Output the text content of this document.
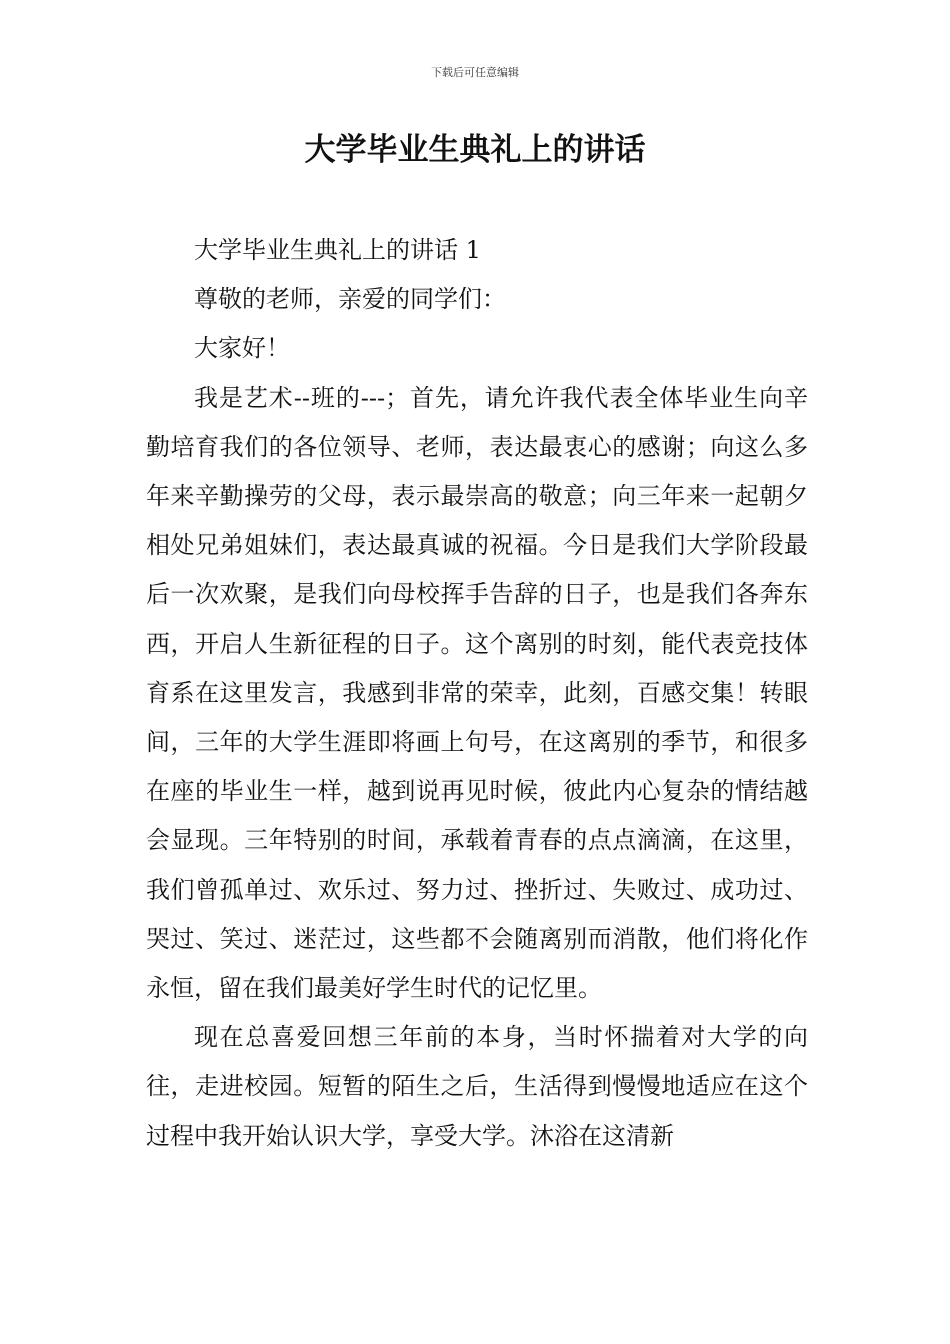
下载后可任意编辑
大学毕业生典礼上的讲话

大学毕业生典礼上的讲话 1

尊敬的老师，亲爱的同学们：

大家好！

我是艺术--班的---；首先，请允许我代表全体毕业生向辛勤培育我们的各位领导、老师，表达最衷心的感谢；向这么多年来辛勤操劳的父母，表示最崇高的敬意；向三年来一起朝夕相处兄弟姐妹们，表达最真诚的祝福。今日是我们大学阶段最后一次欢聚，是我们向母校挥手告辞的日子，也是我们各奔东西，开启人生新征程的日子。这个离别的时刻，能代表竞技体育系在这里发言，我感到非常的荣幸，此刻，百感交集！转眼间，三年的大学生涯即将画上句号，在这离别的季节，和很多在座的毕业生一样，越到说再见时候，彼此内心复杂的情结越会显现。三年特别的时间，承载着青春的点点滴滴，在这里，我们曾孤单过、欢乐过、努力过、挫折过、失败过、成功过、哭过、笑过、迷茫过，这些都不会随离别而消散，他们将化作永恒，留在我们最美好学生时代的记忆里。

现在总喜爱回想三年前的本身，当时怀揣着对大学的向往，走进校园。短暂的陌生之后，生活得到慢慢地适应在这个过程中我开始认识大学，享受大学。沐浴在这清新
